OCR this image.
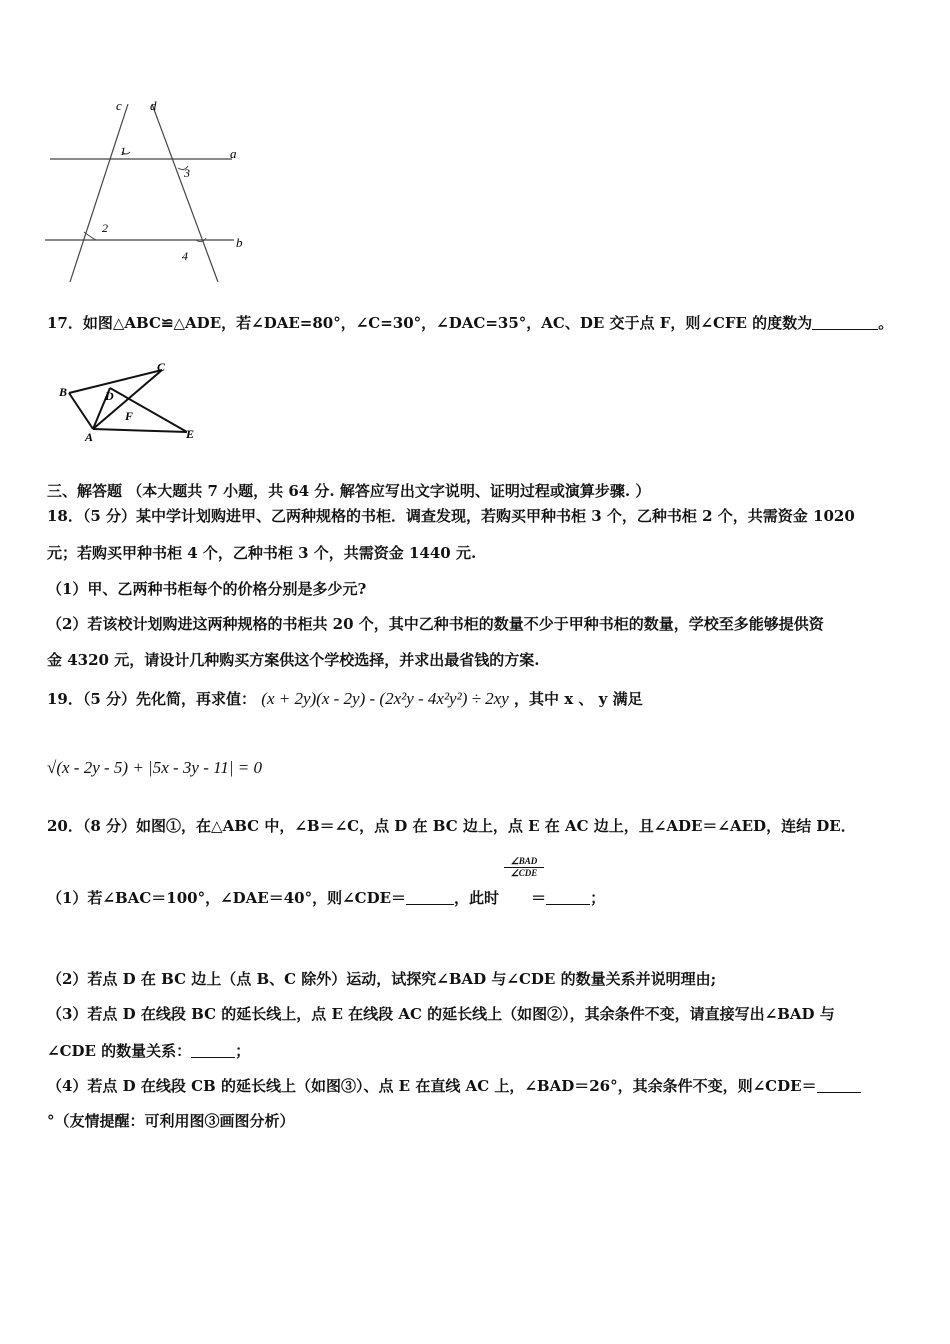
c d
1	a
3
2
b
4
17．如图△ABC≌△ADE，若∠DAE=80°，∠C=30°，∠DAC=35°，AC、DE 交于点 F，则∠CFE 的度数为	。
C
B	D
F
A	E
三、解答题 （本大题共 7 小题，共 64 分. 解答应写出文字说明、证明过程或演算步骤. ）
18．（5 分）某中学计划购进甲、乙两种规格的书柜．调查发现，若购买甲种书柜 3 个，乙种书柜 2 个，共需资金 1020
元；若购买甲种书柜 4 个，乙种书柜 3 个，共需资金 1440 元.
（1）甲、乙两种书柜每个的价格分别是多少元?
（2）若该校计划购进这两种规格的书柜共 20 个，其中乙种书柜的数量不少于甲种书柜的数量，学校至多能够提供资
金 4320 元，请设计几种购买方案供这个学校选择，并求出最省钱的方案.
19．（5 分）先化简，再求值： (x + 2y)(x - 2y) - (2x²y - 4x²y²) ÷ 2xy ，其中 x 、 y 满足
√(x - 2y - 5) + |5x - 3y - 11| = 0
20．（8 分）如图①，在△ABC 中，∠B＝∠C，点 D 在 BC 边上，点 E 在 AC 边上，且∠ADE＝∠AED，连结 DE．
∠BAD
∠CDE
（1）若∠BAC＝100°，∠DAE＝40°，则∠CDE＝	，此时 ＝	；
（2）若点 D 在 BC 边上（点 B、C 除外）运动，试探究∠BAD 与∠CDE 的数量关系并说明理由;
（3）若点 D 在线段 BC 的延长线上，点 E 在线段 AC 的延长线上（如图②），其余条件不变，请直接写出∠BAD 与
∠CDE 的数量关系：	；
（4）若点 D 在线段 CB 的延长线上（如图③）、点 E 在直线 AC 上，∠BAD＝26°，其余条件不变，则∠CDE＝
°（友情提醒：可利用图③画图分析）
